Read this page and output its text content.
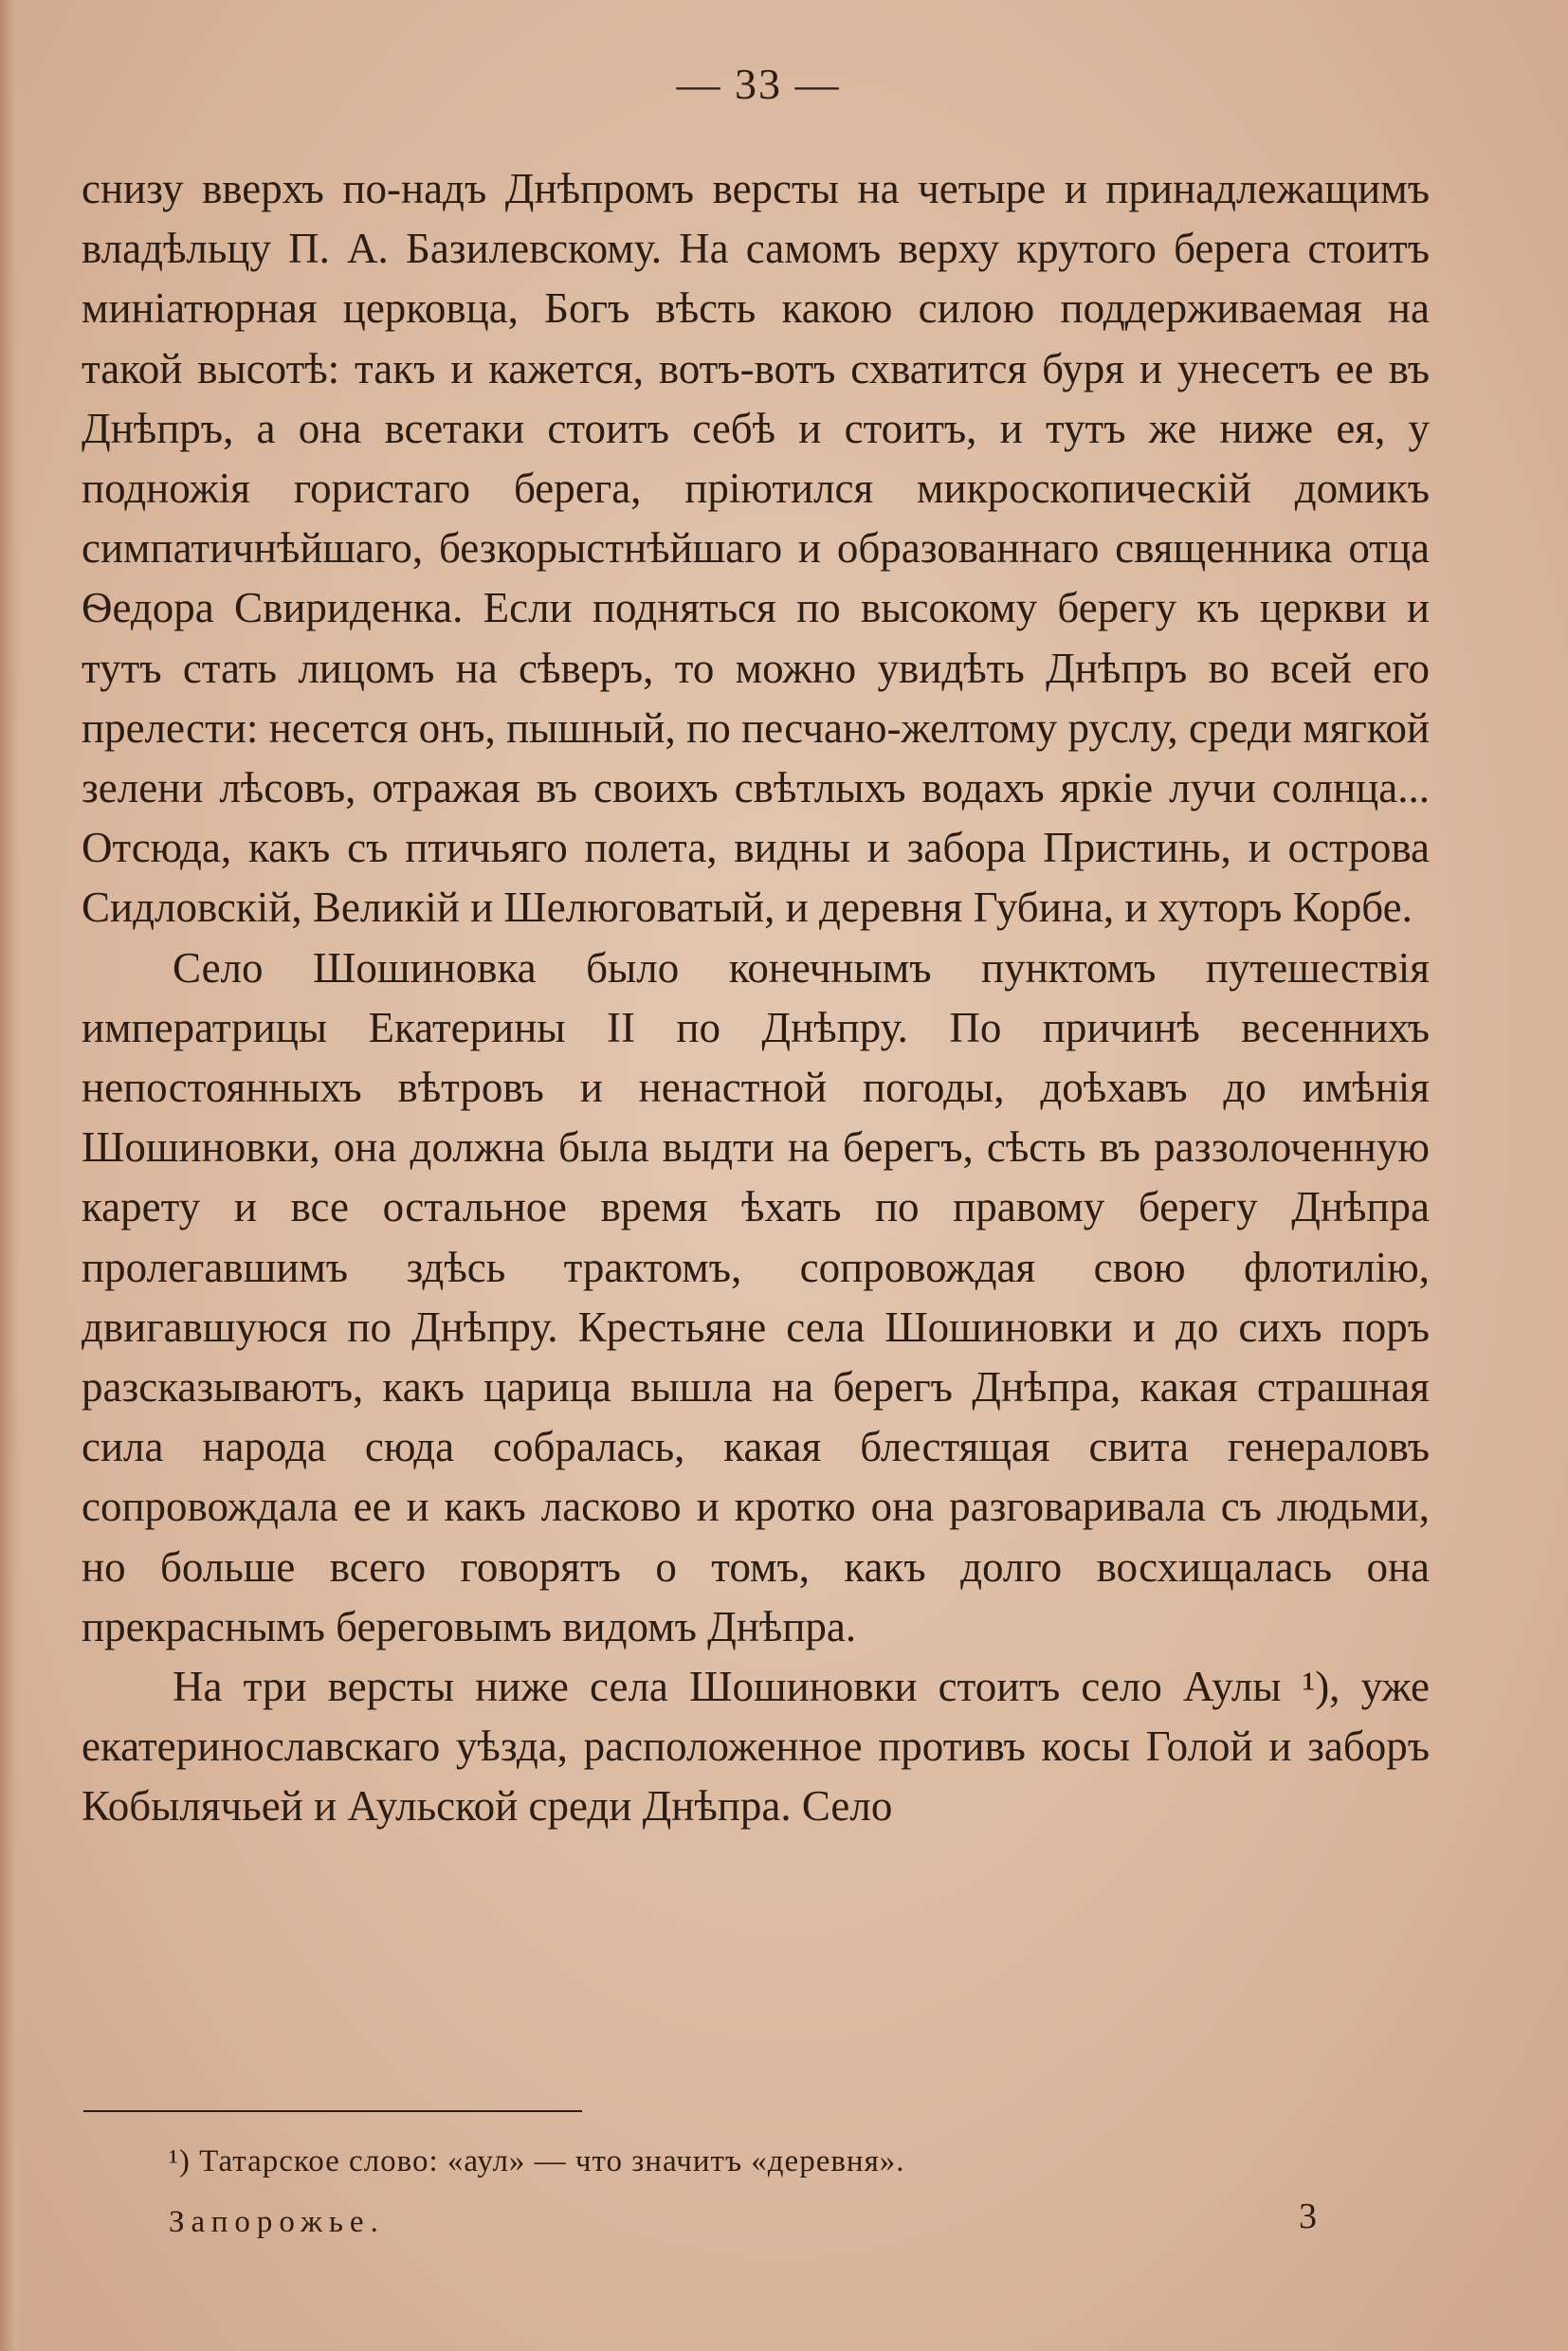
— 33 —

снизу вверхъ по-надъ Днѣпромъ версты на четыре и принадлежащимъ владѣльцу П. А. Базилевскому. На самомъ верху крутого берега стоитъ миніатюрная церковца, Богъ вѣсть какою силою поддерживаемая на такой высотѣ: такъ и кажется, вотъ-вотъ схватится буря и унесетъ ее въ Днѣпръ, а она всетаки стоитъ себѣ и стоитъ, и тутъ же ниже ея, у подножія гористаго берега, пріютился микроскопическій домикъ симпатичнѣйшаго, безкорыстнѣйшаго и образованнаго священника отца Ѳедора Свириденка. Если подняться по высокому берегу къ церкви и тутъ стать лицомъ на сѣверъ, то можно увидѣть Днѣпръ во всей его прелести: несется онъ, пышный, по песчано-желтому руслу, среди мягкой зелени лѣсовъ, отражая въ своихъ свѣтлыхъ водахъ яркіе лучи солнца... Отсюда, какъ съ птичьяго полета, видны и забора Пристинь, и острова Сидловскій, Великій и Шелюговатый, и деревня Губина, и хуторъ Корбе.

Село Шошиновка было конечнымъ пунктомъ путешествія императрицы Екатерины II по Днѣпру. По причинѣ весеннихъ непостоянныхъ вѣтровъ и ненастной погоды, доѣхавъ до имѣнія Шошиновки, она должна была выдти на берегъ, сѣсть въ раззолоченную карету и все остальное время ѣхать по правому берегу Днѣпра пролегавшимъ здѣсь трактомъ, сопровождая свою флотилію, двигавшуюся по Днѣпру. Крестьяне села Шошиновки и до сихъ поръ разсказываютъ, какъ царица вышла на берегъ Днѣпра, какая страшная сила народа сюда собралась, какая блестящая свита генераловъ сопровождала ее и какъ ласково и кротко она разговаривала съ людьми, но больше всего говорятъ о томъ, какъ долго восхищалась она прекраснымъ береговымъ видомъ Днѣпра.

На три версты ниже села Шошиновки стоитъ село Аулы ¹), уже екатеринославскаго уѣзда, расположенное противъ косы Голой и заборъ Кобылячьей и Аульской среди Днѣпра. Село

¹) Татарское слово: «аул» — что значитъ «деревня».
Запорожье.	3
